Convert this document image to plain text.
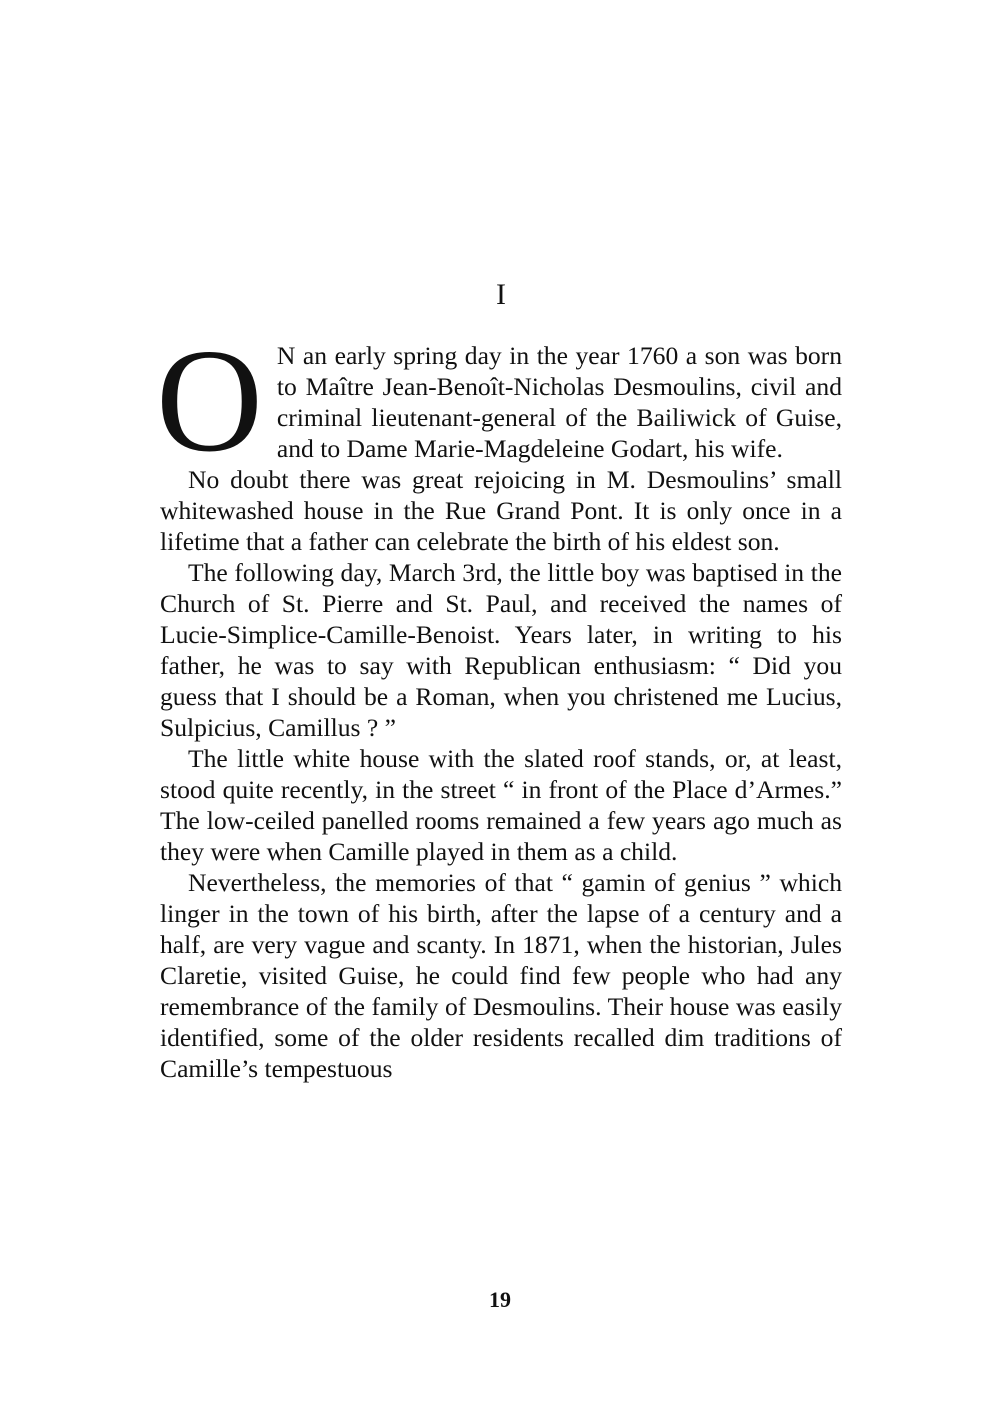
I

O N an early spring day in the year 1760 a son was born to Maître Jean-Benoît-Nicholas Desmoulins, civil and criminal lieutenant-general of the Bailiwick of Guise, and to Dame Marie-Magdeleine Godart, his wife.

No doubt there was great rejoicing in M. Desmoulins’ small whitewashed house in the Rue Grand Pont. It is only once in a lifetime that a father can celebrate the birth of his eldest son.

The following day, March 3rd, the little boy was baptised in the Church of St. Pierre and St. Paul, and received the names of Lucie-Simplice-Camille-Benoist. Years later, in writing to his father, he was to say with Republican enthusiasm: “ Did you guess that I should be a Roman, when you christened me Lucius, Sulpicius, Camillus ? ”

The little white house with the slated roof stands, or, at least, stood quite recently, in the street “ in front of the Place d’Armes.” The low-ceiled panelled rooms remained a few years ago much as they were when Camille played in them as a child.

Nevertheless, the memories of that “ gamin of genius ” which linger in the town of his birth, after the lapse of a century and a half, are very vague and scanty. In 1871, when the historian, Jules Claretie, visited Guise, he could find few people who had any remembrance of the family of Desmoulins. Their house was easily identified, some of the older residents recalled dim traditions of Camille’s tempestuous

19
